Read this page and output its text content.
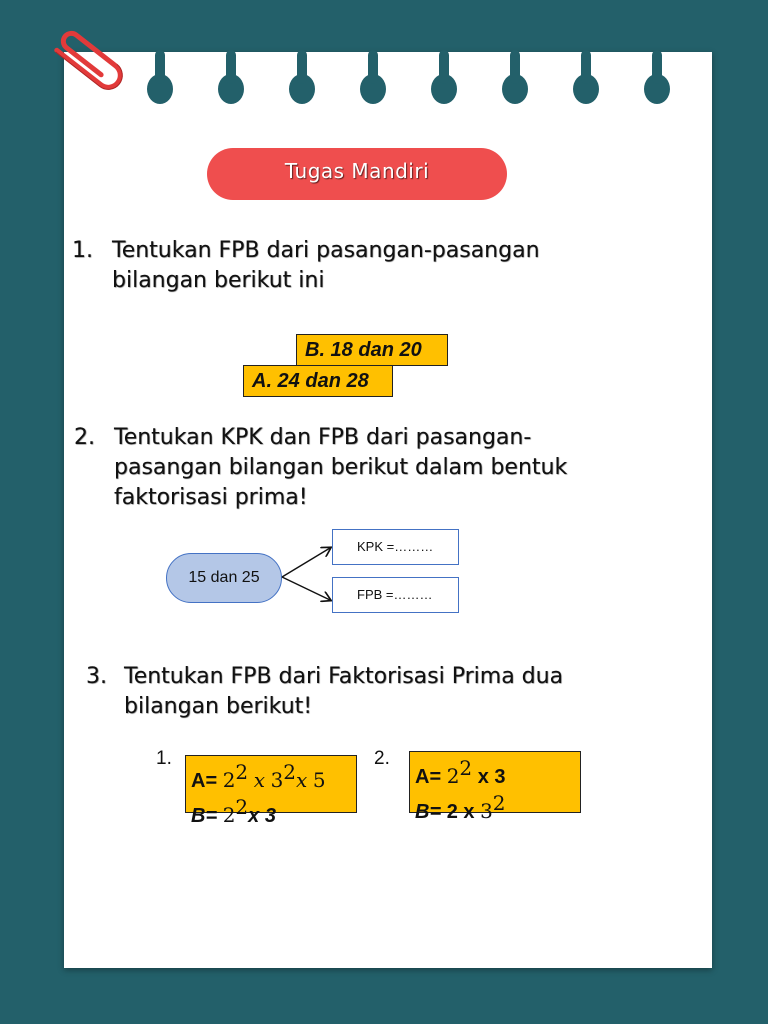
Tugas Mandiri
1. Tentukan FPB dari pasangan-pasangan
bilangan berikut ini
B. 18 dan 20
A. 24 dan 28
2. Tentukan KPK dan FPB dari pasangan-
pasangan bilangan berikut dalam bentuk
faktorisasi prima!
15 dan 25
KPK =………
FPB =………
3. Tentukan FPB dari Faktorisasi Prima dua
bilangan berikut!
1.
$A= 2^2$ x $3^2x$ 5
$B= 2^2x$ 3
2.
$A= 2^2$ x 3
B= 2 x $3^2$
